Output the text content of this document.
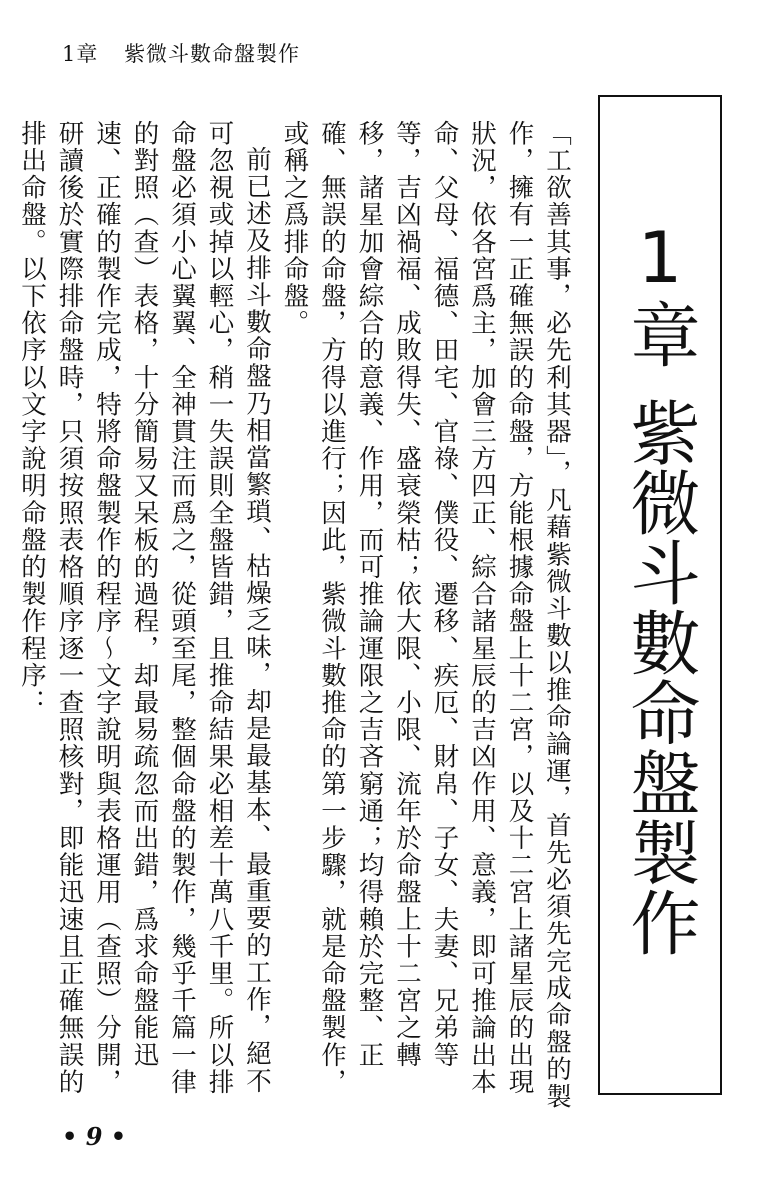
1章 紫微斗數命盤製作
1章
紫微斗數命盤製作

「工欲善其事，必先利其器」，凡藉紫微斗數以推命論運，首先必須先完成命盤的製作，擁有一正確無誤的命盤，方能根據命盤上十二宮，以及十二宮上諸星辰的出現狀況，依各宮爲主，加會三方四正、綜合諸星辰的吉凶作用、意義，即可推論出本命、父母、福德、田宅、官祿、僕役、遷移、疾厄、財帛、子女、夫妻、兄弟等等，吉凶禍福、成敗得失、盛衰榮枯；依大限、小限、流年於命盤上十二宮之轉移，諸星加會綜合的意義、作用，而可推論運限之吉吝窮通；均得賴於完整、正確、無誤的命盤，方得以進行；因此，紫微斗數推命的第一步驟，就是命盤製作，或稱之爲排命盤。

前已述及排斗數命盤乃相當繁瑣、枯燥乏味，却是最基本、最重要的工作，絕不可忽視或掉以輕心，稍一失誤則全盤皆錯，且推命結果必相差十萬八千里。所以排命盤必須小心翼翼、全神貫注而爲之，從頭至尾，整個命盤的製作，幾乎千篇一律的對照（查）表格，十分簡易又呆板的過程，却最易疏忽而出錯，爲求命盤能迅速、正確的製作完成，特將命盤製作的程序～文字說明與表格運用（查照）分開，研讀後於實際排命盤時，只須按照表格順序逐一查照核對，即能迅速且正確無誤的排出命盤。以下依序以文字說明命盤的製作程序：

• 9 •
